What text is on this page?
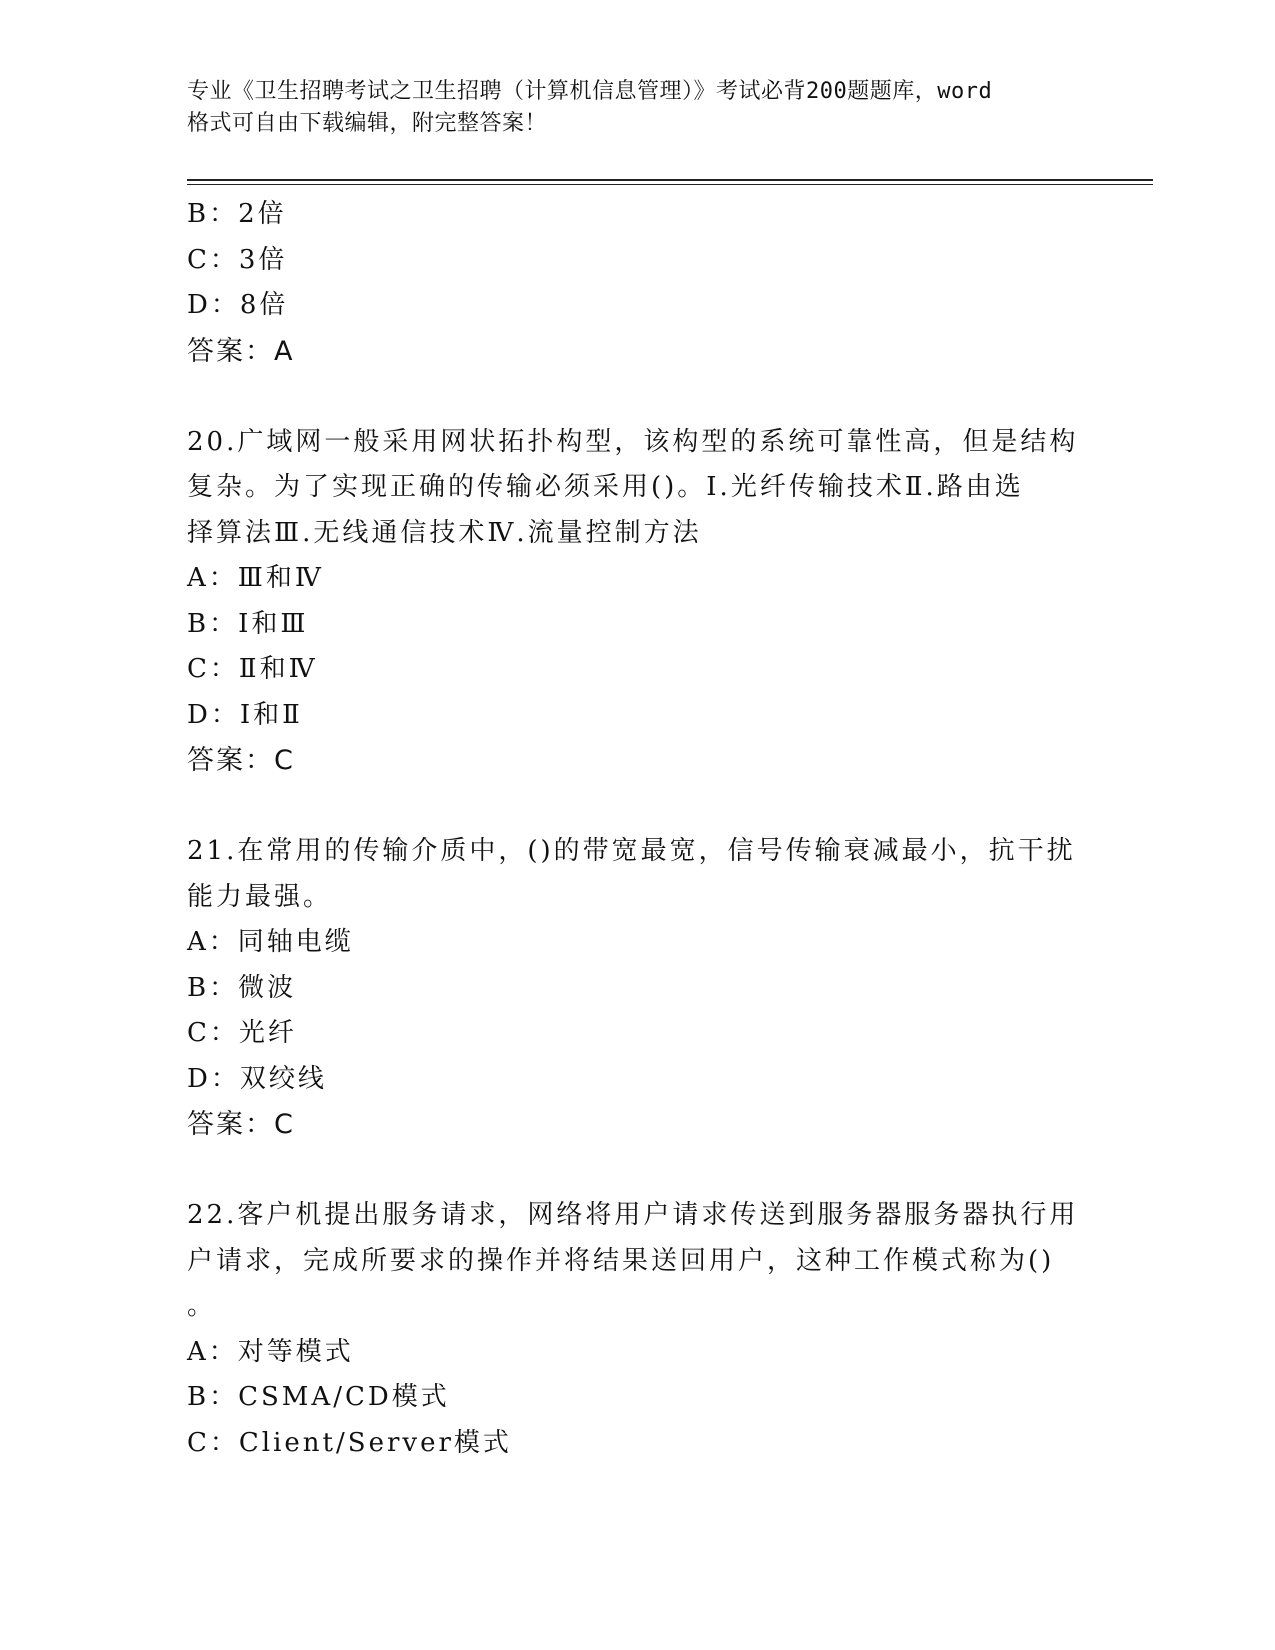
专业《卫生招聘考试之卫生招聘（计算机信息管理）》考试必背200题题库，word
格式可自由下载编辑，附完整答案！
B：2倍
C：3倍
D：8倍
答案：A
20.广域网一般采用网状拓扑构型，该构型的系统可靠性高，但是结构
复杂。为了实现正确的传输必须采用()。Ⅰ.光纤传输技术Ⅱ.路由选
择算法Ⅲ.无线通信技术Ⅳ.流量控制方法
A：Ⅲ和Ⅳ
B：Ⅰ和Ⅲ
C：Ⅱ和Ⅳ
D：Ⅰ和Ⅱ
答案：C
21.在常用的传输介质中，()的带宽最宽，信号传输衰减最小，抗干扰
能力最强。
A：同轴电缆
B：微波
C：光纤
D：双绞线
答案：C
22.客户机提出服务请求，网络将用户请求传送到服务器服务器执行用
户请求，完成所要求的操作并将结果送回用户，这种工作模式称为()
。
A：对等模式
B：CSMA/CD模式
C：Client/Server模式
